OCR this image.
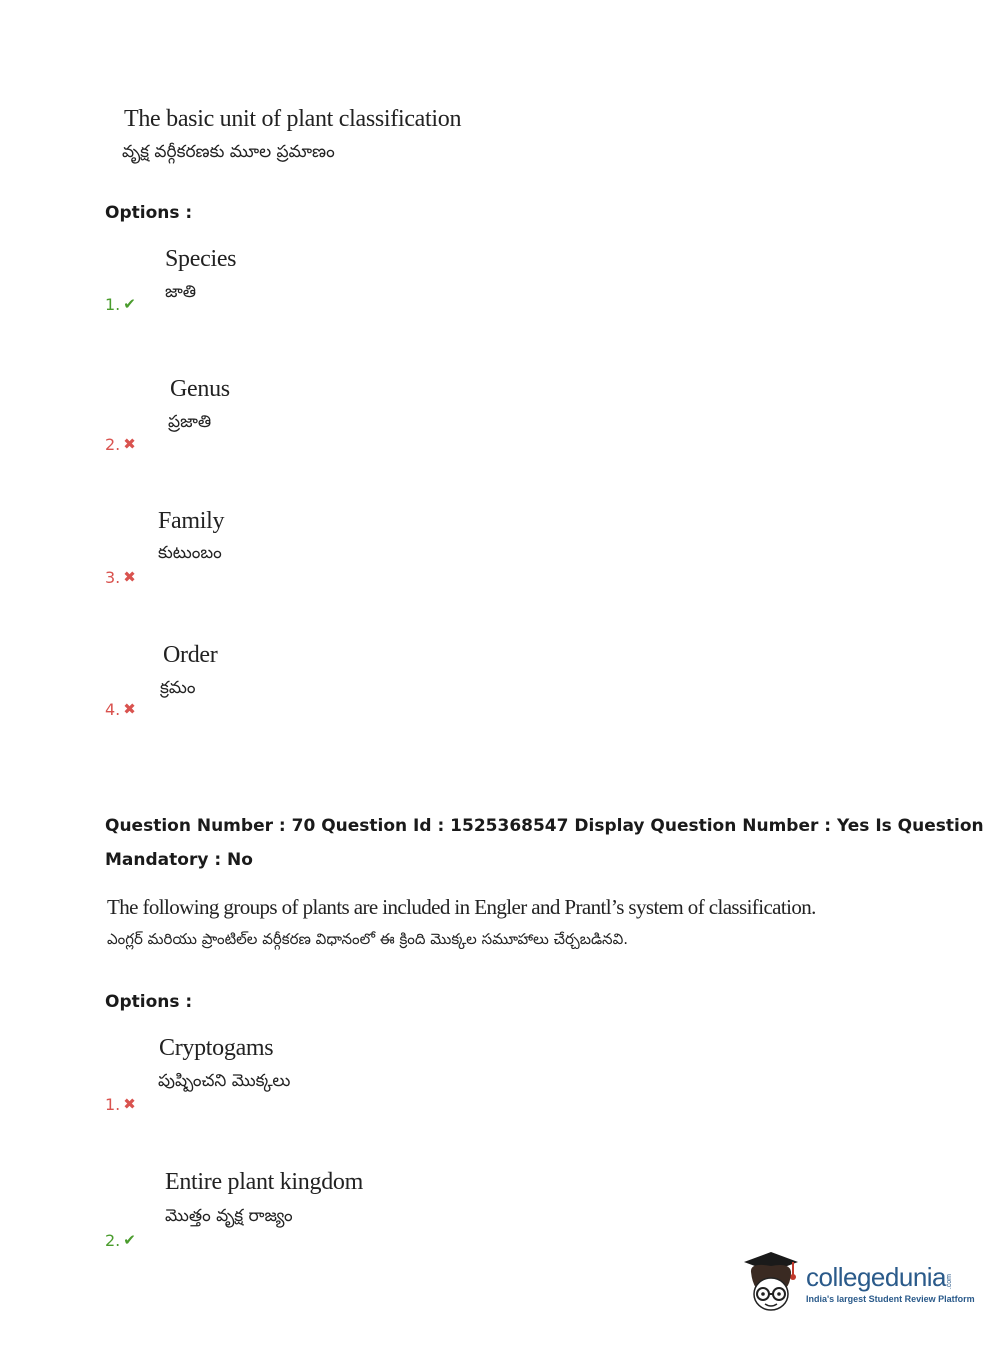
The basic unit of plant classification
వృక్ష వర్గీకరణకు మూల ప్రమాణం
Options :
Species
జాతి
1. ✔
Genus
ప్రజాతి
2. ✖
Family
కుటుంబం
3. ✖
Order
క్రమం
4. ✖
Question Number : 70 Question Id : 1525368547 Display Question Number : Yes Is Question
Mandatory : No
The following groups of plants are included in Engler and Prantl’s system of classification.
ఎంగ్లర్ మరియు ప్రాంటిల్‌ల వర్గీకరణ విధానంలో ఈ క్రింది మొక్కల సమూహాలు చేర్చబడినవి.
Options :
Cryptogams
పుష్పించని మొక్కలు
1. ✖
Entire plant kingdom
మొత్తం వృక్ష రాజ్యం
2. ✔
collegedunia .com
India's largest Student Review Platform
